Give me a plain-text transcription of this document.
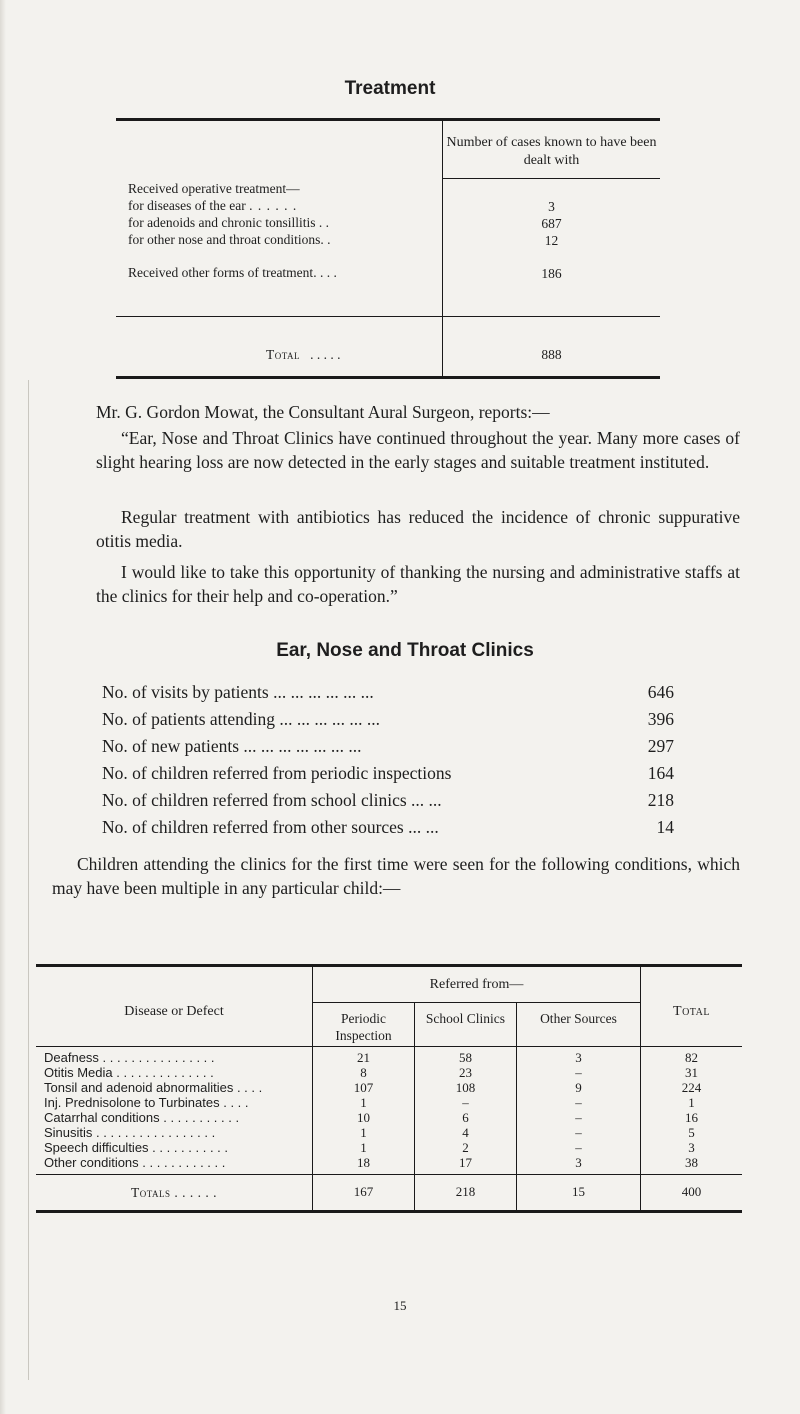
Treatment
Number of cases known to have been dealt with
Received operative treatment—
for diseases of the ear . . . . . .	3
for adenoids and chronic tonsillitis . .	687
for other nose and throat conditions. .	12
Received other forms of treatment. . . .	186
Total . . . . .	888
Mr. G. Gordon Mowat, the Consultant Aural Surgeon, reports:—
“Ear, Nose and Throat Clinics have continued throughout the year. Many more cases of slight hearing loss are now detected in the early stages and suitable treatment instituted.
Regular treatment with antibiotics has reduced the incidence of chronic suppurative otitis media.
I would like to take this opportunity of thanking the nursing and administrative staffs at the clinics for their help and co-operation.”
Ear, Nose and Throat Clinics
No. of visits by patients ... ... ... ... ... ...	646
No. of patients attending ... ... ... ... ... ...	396
No. of new patients ... ... ... ... ... ... ...	297
No. of children referred from periodic inspections	164
No. of children referred from school clinics ... ...	218
No. of children referred from other sources ... ...	14
Children attending the clinics for the first time were seen for the following conditions, which may have been multiple in any particular child:—
Disease or Defect
Referred from—
Periodic Inspection
School Clinics	Other Sources	Total
Deafness . . . . . . . . . . . . . . . .	21	58	3	82
Otitis Media . . . . . . . . . . . . . .	8	23	–	31
Tonsil and adenoid abnormalities . . . .	107	108	9	224
Inj. Prednisolone to Turbinates . . . .	1	–	–	1
Catarrhal conditions . . . . . . . . . . .	10	6	–	16
Sinusitis . . . . . . . . . . . . . . . . .	1	4	–	5
Speech difficulties . . . . . . . . . . .	1	2	–	3
Other conditions . . . . . . . . . . . .	18	17	3	38
Totals . . . . . .	167	218	15	400
15
